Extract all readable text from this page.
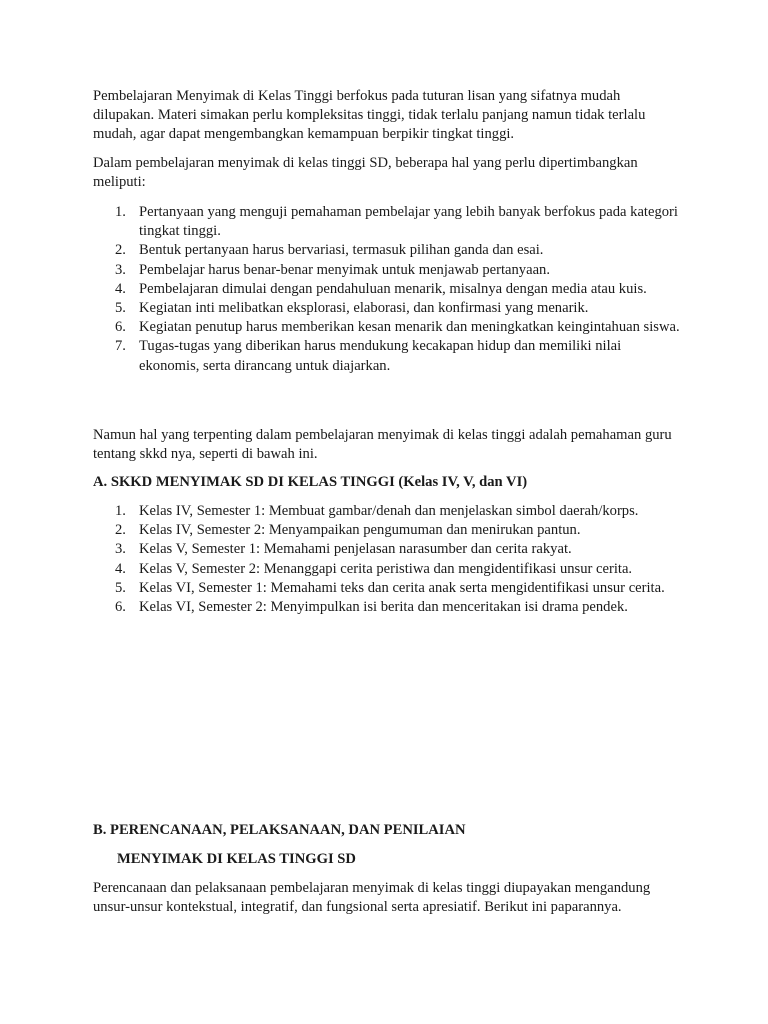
Pembelajaran Menyimak di Kelas Tinggi berfokus pada tuturan lisan yang sifatnya mudah dilupakan. Materi simakan perlu kompleksitas tinggi, tidak terlalu panjang namun tidak terlalu mudah, agar dapat mengembangkan kemampuan berpikir tingkat tinggi.

Dalam pembelajaran menyimak di kelas tinggi SD, beberapa hal yang perlu dipertimbangkan meliputi:

1. Pertanyaan yang menguji pemahaman pembelajar yang lebih banyak berfokus pada kategori tingkat tinggi.
2. Bentuk pertanyaan harus bervariasi, termasuk pilihan ganda dan esai.
3. Pembelajar harus benar-benar menyimak untuk menjawab pertanyaan.
4. Pembelajaran dimulai dengan pendahuluan menarik, misalnya dengan media atau kuis.
5. Kegiatan inti melibatkan eksplorasi, elaborasi, dan konfirmasi yang menarik.
6. Kegiatan penutup harus memberikan kesan menarik dan meningkatkan keingintahuan siswa.
7. Tugas-tugas yang diberikan harus mendukung kecakapan hidup dan memiliki nilai ekonomis, serta dirancang untuk diajarkan.

Namun hal yang terpenting dalam pembelajaran menyimak di kelas tinggi adalah pemahaman guru tentang skkd nya, seperti di bawah ini.

A. SKKD MENYIMAK SD DI KELAS TINGGI (Kelas IV, V, dan VI)
1. Kelas IV, Semester 1: Membuat gambar/denah dan menjelaskan simbol daerah/korps.
2. Kelas IV, Semester 2: Menyampaikan pengumuman dan menirukan pantun.
3. Kelas V, Semester 1: Memahami penjelasan narasumber dan cerita rakyat.
4. Kelas V, Semester 2: Menanggapi cerita peristiwa dan mengidentifikasi unsur cerita.
5. Kelas VI, Semester 1: Memahami teks dan cerita anak serta mengidentifikasi unsur cerita.
6. Kelas VI, Semester 2: Menyimpulkan isi berita dan menceritakan isi drama pendek.
B. PERENCANAAN, PELAKSANAAN, DAN PENILAIAN
MENYIMAK DI KELAS TINGGI SD

Perencanaan dan pelaksanaan pembelajaran menyimak di kelas tinggi diupayakan mengandung unsur-unsur kontekstual, integratif, dan fungsional serta apresiatif. Berikut ini paparannya.
